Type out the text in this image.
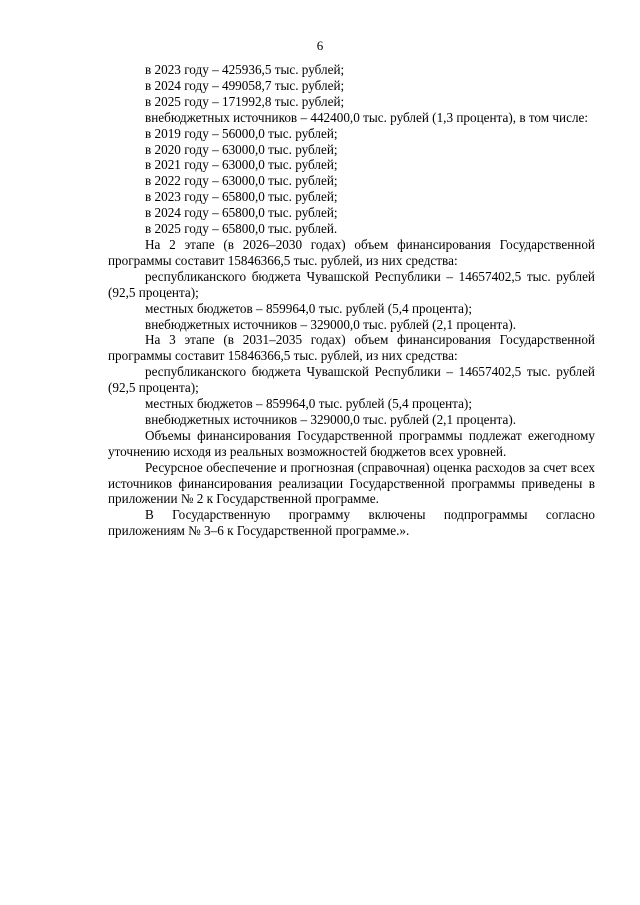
6

в 2023 году – 425936,5 тыс. рублей;

в 2024 году – 499058,7 тыс. рублей;

в 2025 году – 171992,8 тыс. рублей;

внебюджетных источников – 442400,0 тыс. рублей (1,3 процента), в том числе:

в 2019 году – 56000,0 тыс. рублей;

в 2020 году – 63000,0 тыс. рублей;

в 2021 году – 63000,0 тыс. рублей;

в 2022 году – 63000,0 тыс. рублей;

в 2023 году – 65800,0 тыс. рублей;

в 2024 году – 65800,0 тыс. рублей;

в 2025 году – 65800,0 тыс. рублей.

На 2 этапе (в 2026–2030 годах) объем финансирования Государственной программы составит 15846366,5 тыс. рублей, из них средства:

республиканского бюджета Чувашской Республики – 14657402,5 тыс. рублей (92,5 процента);

местных бюджетов – 859964,0 тыс. рублей (5,4 процента);

внебюджетных источников – 329000,0 тыс. рублей (2,1 процента).

На 3 этапе (в 2031–2035 годах) объем финансирования Государственной программы составит 15846366,5 тыс. рублей, из них средства:

республиканского бюджета Чувашской Республики – 14657402,5 тыс. рублей (92,5 процента);

местных бюджетов – 859964,0 тыс. рублей (5,4 процента);

внебюджетных источников – 329000,0 тыс. рублей (2,1 процента).

Объемы финансирования Государственной программы подлежат ежегодному уточнению исходя из реальных возможностей бюджетов всех уровней.

Ресурсное обеспечение и прогнозная (справочная) оценка расходов за счет всех источников финансирования реализации Государственной программы приведены в приложении № 2 к Государственной программе.

В Государственную программу включены подпрограммы согласно приложениям № 3–6 к Государственной программе.».
